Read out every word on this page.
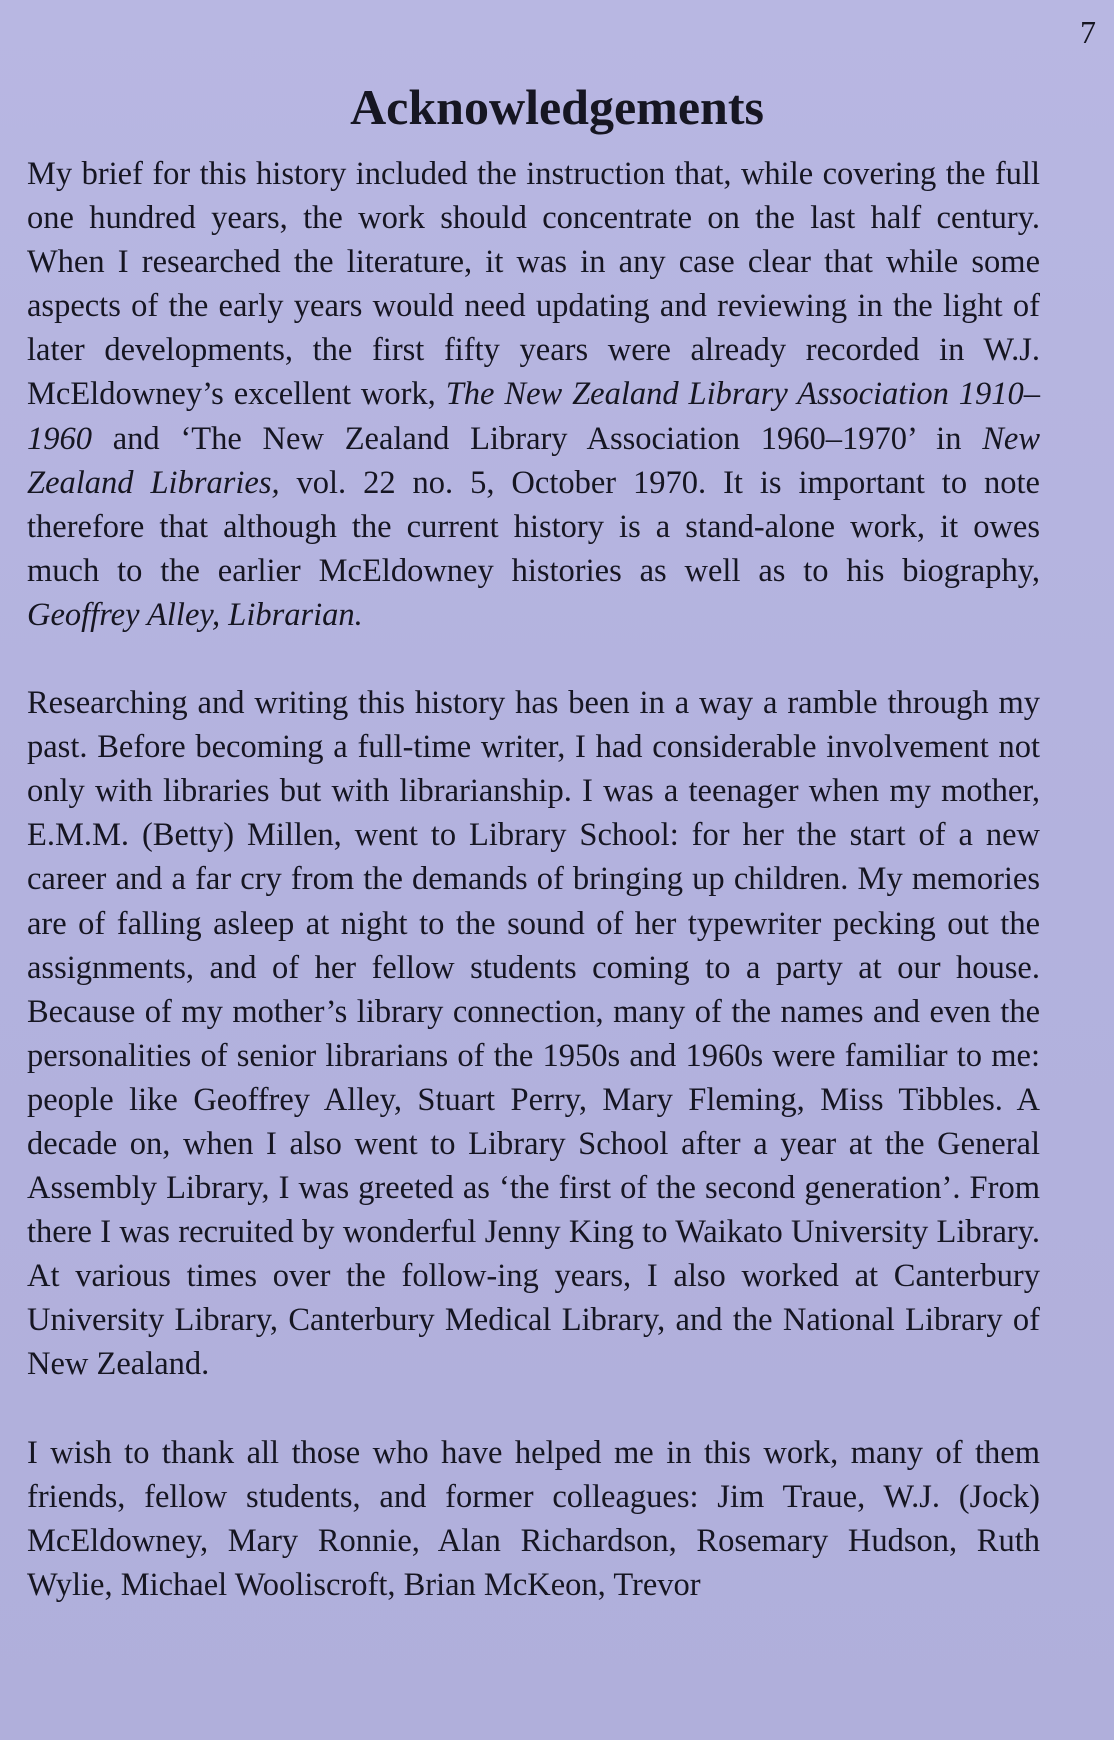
7
Acknowledgements

My brief for this history included the instruction that, while covering the full one hundred years, the work should concentrate on the last half century. When I researched the literature, it was in any case clear that while some aspects of the early years would need updating and reviewing in the light of later developments, the first fifty years were already recorded in W.J. McEldowney’s excellent work, The New Zealand Library Association 1910–1960 and ‘The New Zealand Library Association 1960–1970’ in New Zealand Libraries, vol. 22 no. 5, October 1970. It is important to note therefore that although the current history is a stand-alone work, it owes much to the earlier McEldowney histories as well as to his biography, Geoffrey Alley, Librarian.

Researching and writing this history has been in a way a ramble through my past. Before becoming a full-time writer, I had considerable involvement not only with libraries but with librarianship. I was a teenager when my mother, E.M.M. (Betty) Millen, went to Library School: for her the start of a new career and a far cry from the demands of bringing up children. My memories are of falling asleep at night to the sound of her typewriter pecking out the assignments, and of her fellow students coming to a party at our house. Because of my mother’s library connection, many of the names and even the personalities of senior librarians of the 1950s and 1960s were familiar to me: people like Geoffrey Alley, Stuart Perry, Mary Fleming, Miss Tibbles. A decade on, when I also went to Library School after a year at the General Assembly Library, I was greeted as ‘the first of the second generation’. From there I was recruited by wonderful Jenny King to Waikato University Library. At various times over the follow-ing years, I also worked at Canterbury University Library, Canterbury Medical Library, and the National Library of New Zealand.

I wish to thank all those who have helped me in this work, many of them friends, fellow students, and former colleagues: Jim Traue, W.J. (Jock) McEldowney, Mary Ronnie, Alan Richardson, Rosemary Hudson, Ruth Wylie, Michael Wooliscroft, Brian McKeon, Trevor
